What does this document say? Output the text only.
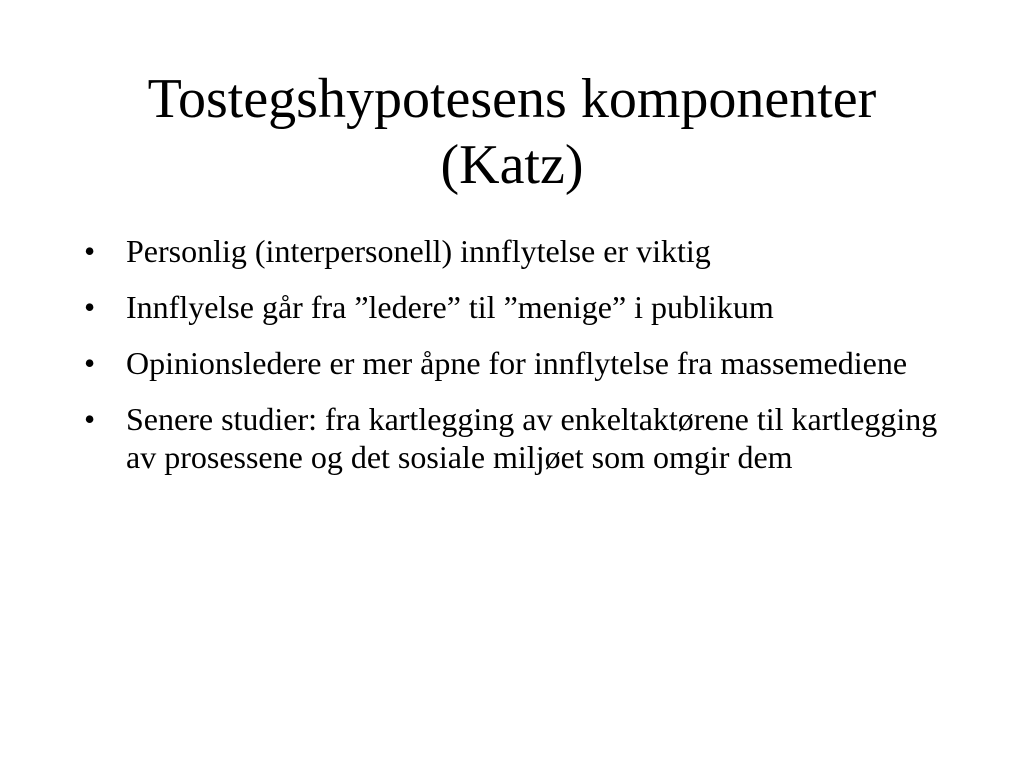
Tostegshypotesens komponenter
(Katz)
• Personlig (interpersonell) innflytelse er viktig
• Innflyelse går fra ”ledere” til ”menige” i publikum
• Opinionsledere er mer åpne for innflytelse fra massemediene
• Senere studier: fra kartlegging av enkeltaktørene til kartlegging av prosessene og det sosiale miljøet som omgir dem
